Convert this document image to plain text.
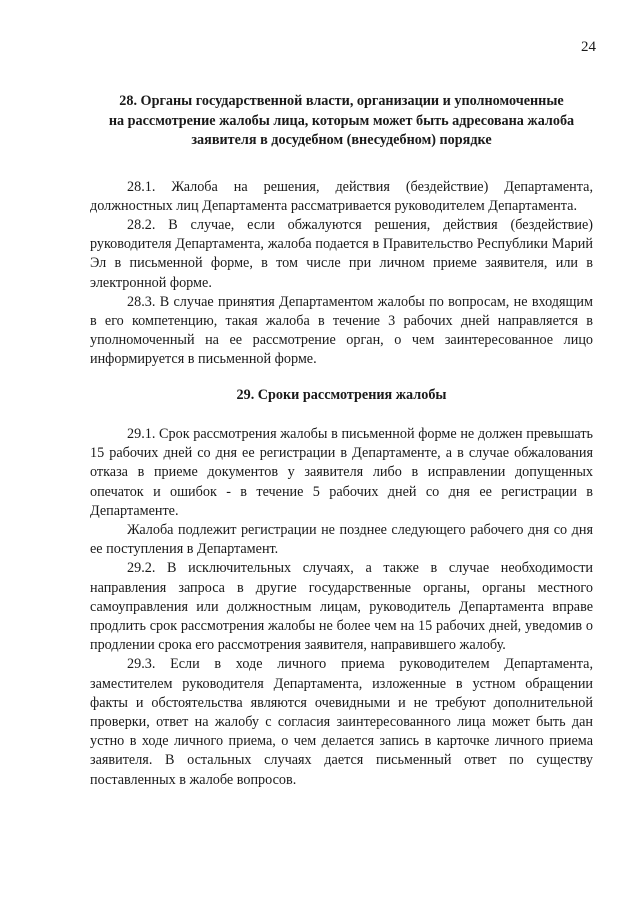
24
28. Органы государственной власти, организации и уполномоченные
на рассмотрение жалобы лица, которым может быть адресована жалоба
заявителя в досудебном (внесудебном) порядке

28.1. Жалоба на решения, действия (бездействие) Департамента, должностных лиц Департамента рассматривается руководителем Департамента.

28.2. В случае, если обжалуются решения, действия (бездействие) руководителя Департамента, жалоба подается в Правительство Республики Марий Эл в письменной форме, в том числе при личном приеме заявителя, или в электронной форме.

28.3. В случае принятия Департаментом жалобы по вопросам, не входящим в его компетенцию, такая жалоба в течение 3 рабочих дней направляется в уполномоченный на ее рассмотрение орган, о чем заинтересованное лицо информируется в письменной форме.

29. Сроки рассмотрения жалобы

29.1. Срок рассмотрения жалобы в письменной форме не должен превышать 15 рабочих дней со дня ее регистрации в Департаменте, а в случае обжалования отказа в приеме документов у заявителя либо в исправлении допущенных опечаток и ошибок - в течение 5 рабочих дней со дня ее регистрации в Департаменте.

Жалоба подлежит регистрации не позднее следующего рабочего дня со дня ее поступления в Департамент.

29.2. В исключительных случаях, а также в случае необходимости направления запроса в другие государственные органы, органы местного самоуправления или должностным лицам, руководитель Департамента вправе продлить срок рассмотрения жалобы не более чем на 15 рабочих дней, уведомив о продлении срока его рассмотрения заявителя, направившего жалобу.

29.3. Если в ходе личного приема руководителем Департамента, заместителем руководителя Департамента, изложенные в устном обращении факты и обстоятельства являются очевидными и не требуют дополнительной проверки, ответ на жалобу с согласия заинтересованного лица может быть дан устно в ходе личного приема, о чем делается запись в карточке личного приема заявителя. В остальных случаях дается письменный ответ по существу поставленных в жалобе вопросов.
